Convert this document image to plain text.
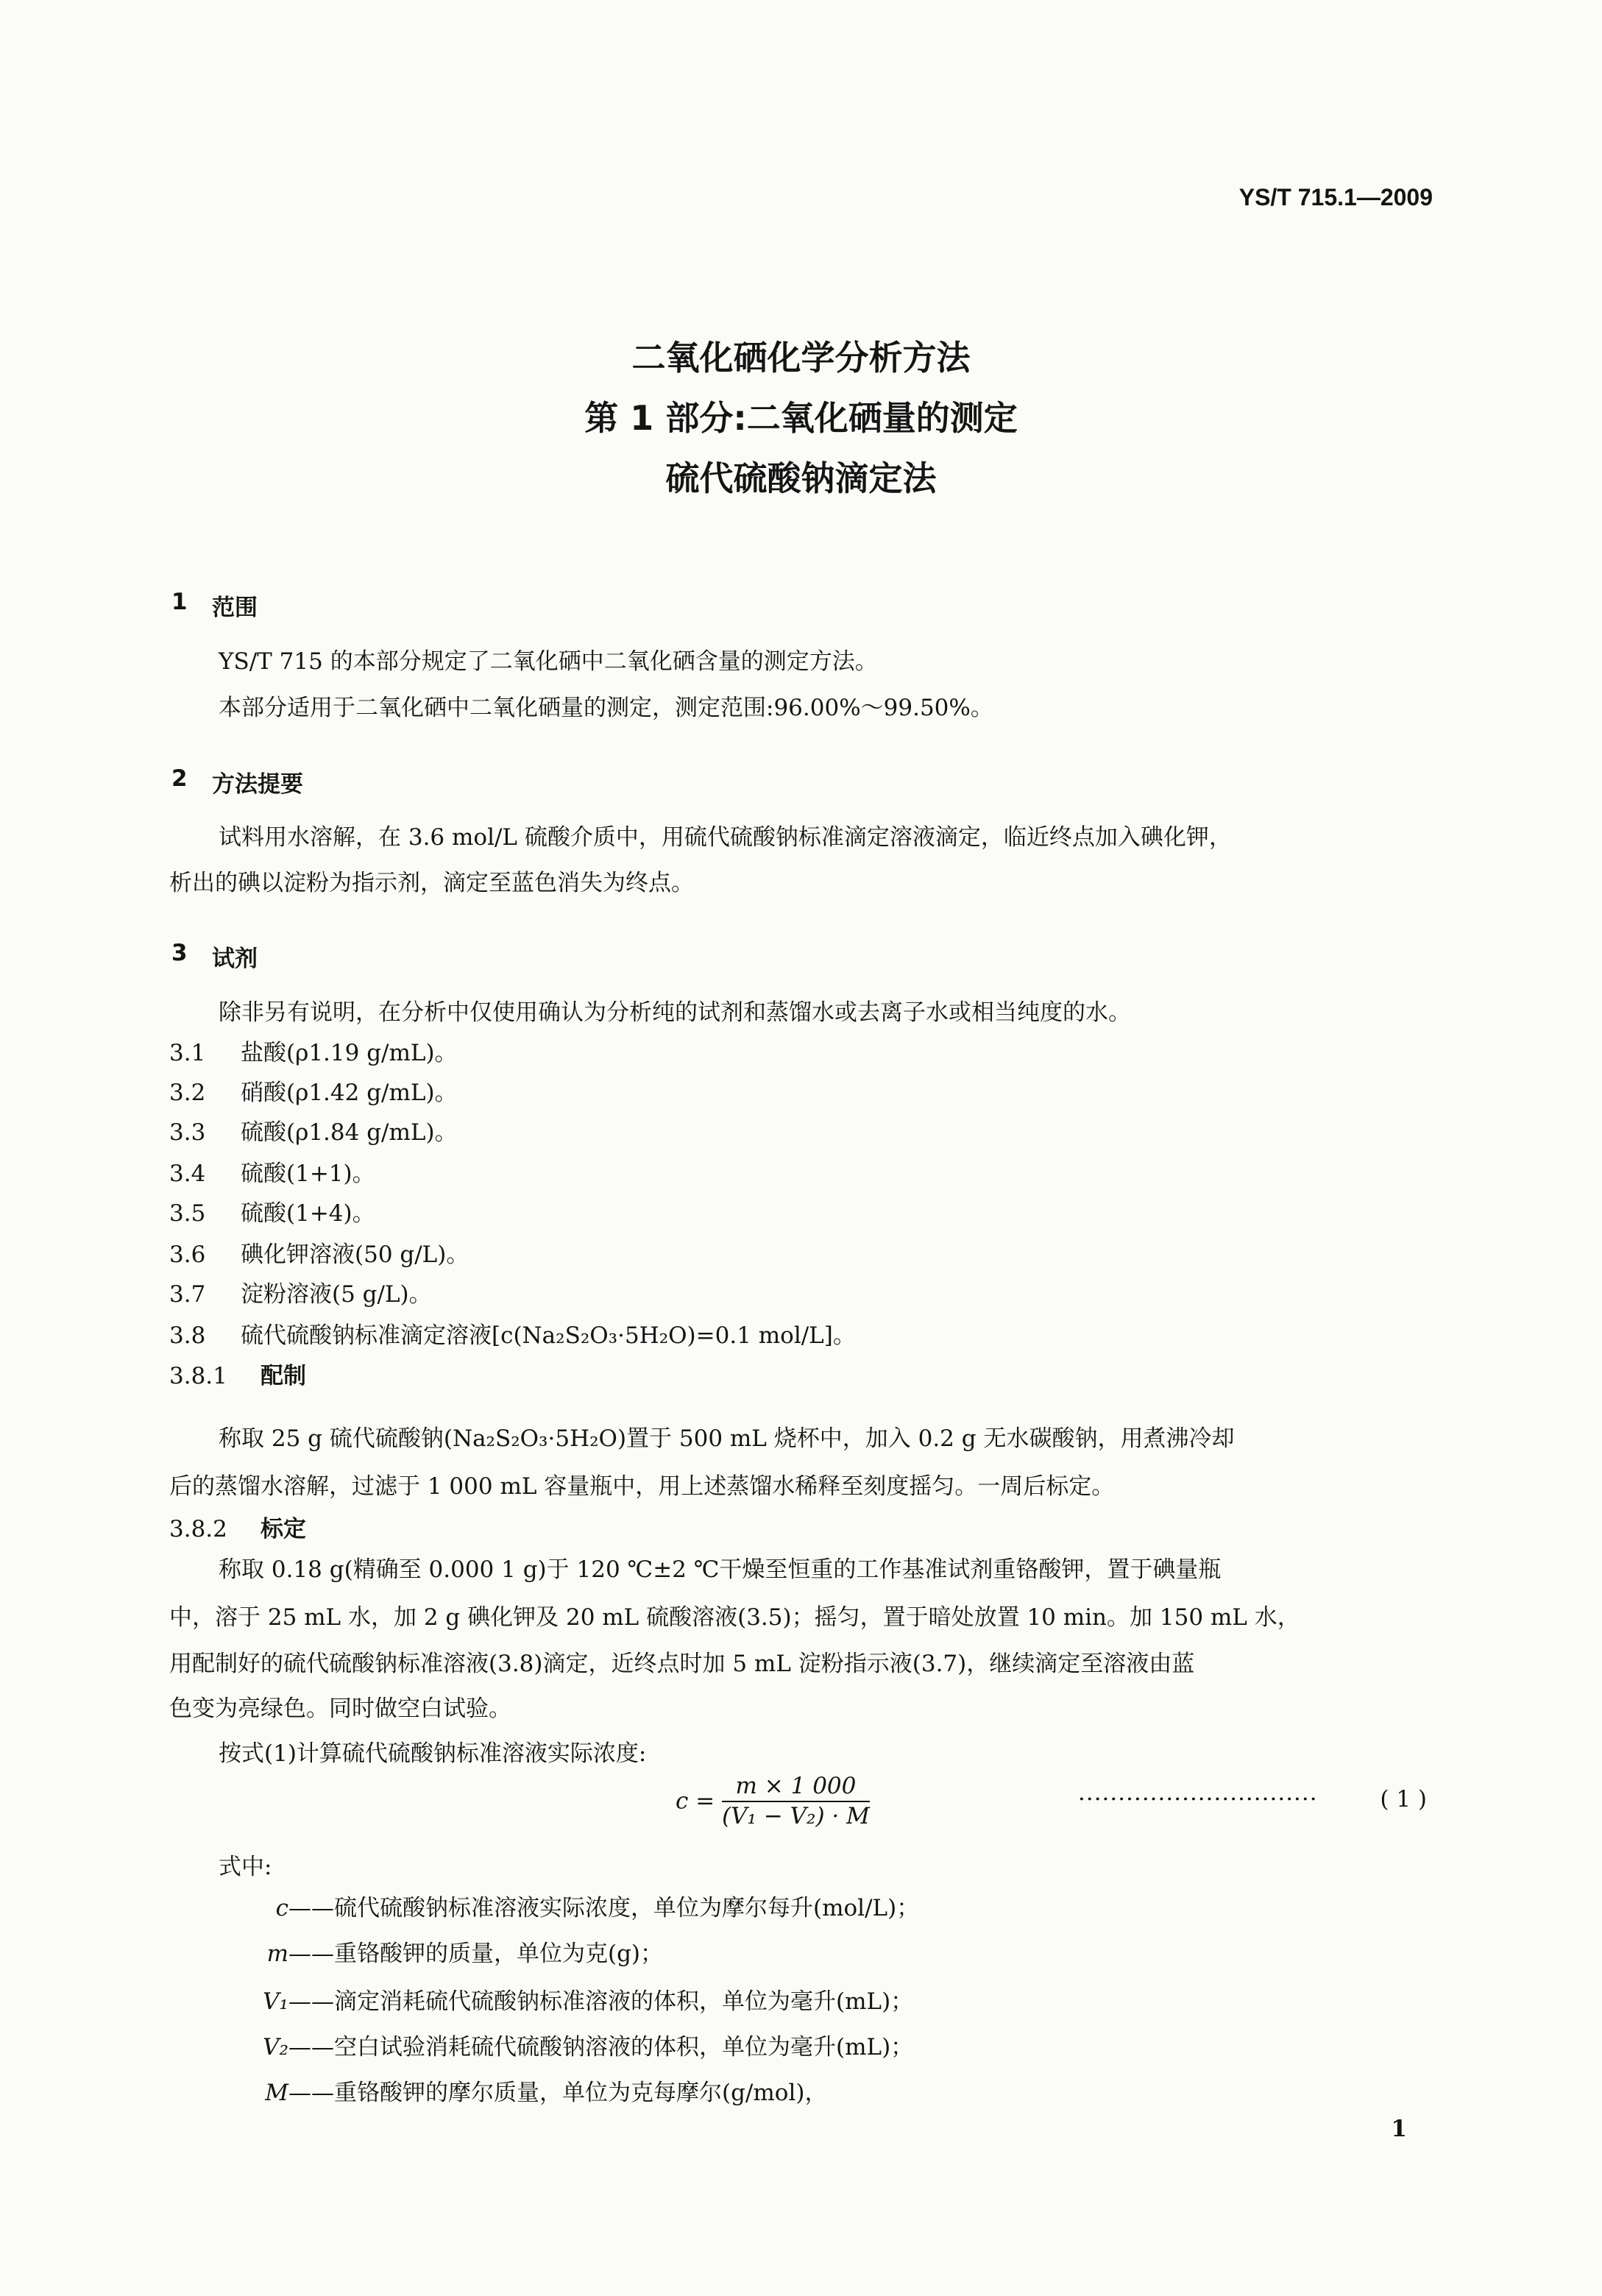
YS/T 715.1—2009
二氧化硒化学分析方法
第 1 部分:二氧化硒量的测定
硫代硫酸钠滴定法
1 范围
YS/T 715 的本部分规定了二氧化硒中二氧化硒含量的测定方法。
本部分适用于二氧化硒中二氧化硒量的测定，测定范围:96.00%～99.50%。
2 方法提要
试料用水溶解，在 3.6 mol/L 硫酸介质中，用硫代硫酸钠标准滴定溶液滴定，临近终点加入碘化钾，
析出的碘以淀粉为指示剂，滴定至蓝色消失为终点。
3 试剂
除非另有说明，在分析中仅使用确认为分析纯的试剂和蒸馏水或去离子水或相当纯度的水。
3.1 盐酸(ρ1.19 g/mL)。
3.2 硝酸(ρ1.42 g/mL)。
3.3 硫酸(ρ1.84 g/mL)。
3.4 硫酸(1+1)。
3.5 硫酸(1+4)。
3.6 碘化钾溶液(50 g/L)。
3.7 淀粉溶液(5 g/L)。
3.8 硫代硫酸钠标准滴定溶液[c(Na₂S₂O₃·5H₂O)=0.1 mol/L]。
3.8.1 配制
称取 25 g 硫代硫酸钠(Na₂S₂O₃·5H₂O)置于 500 mL 烧杯中，加入 0.2 g 无水碳酸钠，用煮沸冷却
后的蒸馏水溶解，过滤于 1 000 mL 容量瓶中，用上述蒸馏水稀释至刻度摇匀。一周后标定。
3.8.2 标定
称取 0.18 g(精确至 0.000 1 g)于 120 ℃±2 ℃干燥至恒重的工作基准试剂重铬酸钾，置于碘量瓶
中，溶于 25 mL 水，加 2 g 碘化钾及 20 mL 硫酸溶液(3.5)；摇匀，置于暗处放置 10 min。加 150 mL 水，
用配制好的硫代硫酸钠标准溶液(3.8)滴定，近终点时加 5 mL 淀粉指示液(3.7)，继续滴定至溶液由蓝
色变为亮绿色。同时做空白试验。
按式(1)计算硫代硫酸钠标准溶液实际浓度:
$c = \frac{m \times 1 000}{\text{(V₁ − V₂) · M}}$	······························	( 1 )
式中:
c——硫代硫酸钠标准溶液实际浓度，单位为摩尔每升(mol/L)；
m——重铬酸钾的质量，单位为克(g)；
V₁——滴定消耗硫代硫酸钠标准溶液的体积，单位为毫升(mL)；
V₂——空白试验消耗硫代硫酸钠溶液的体积，单位为毫升(mL)；
M——重铬酸钾的摩尔质量，单位为克每摩尔(g/mol)，
1
